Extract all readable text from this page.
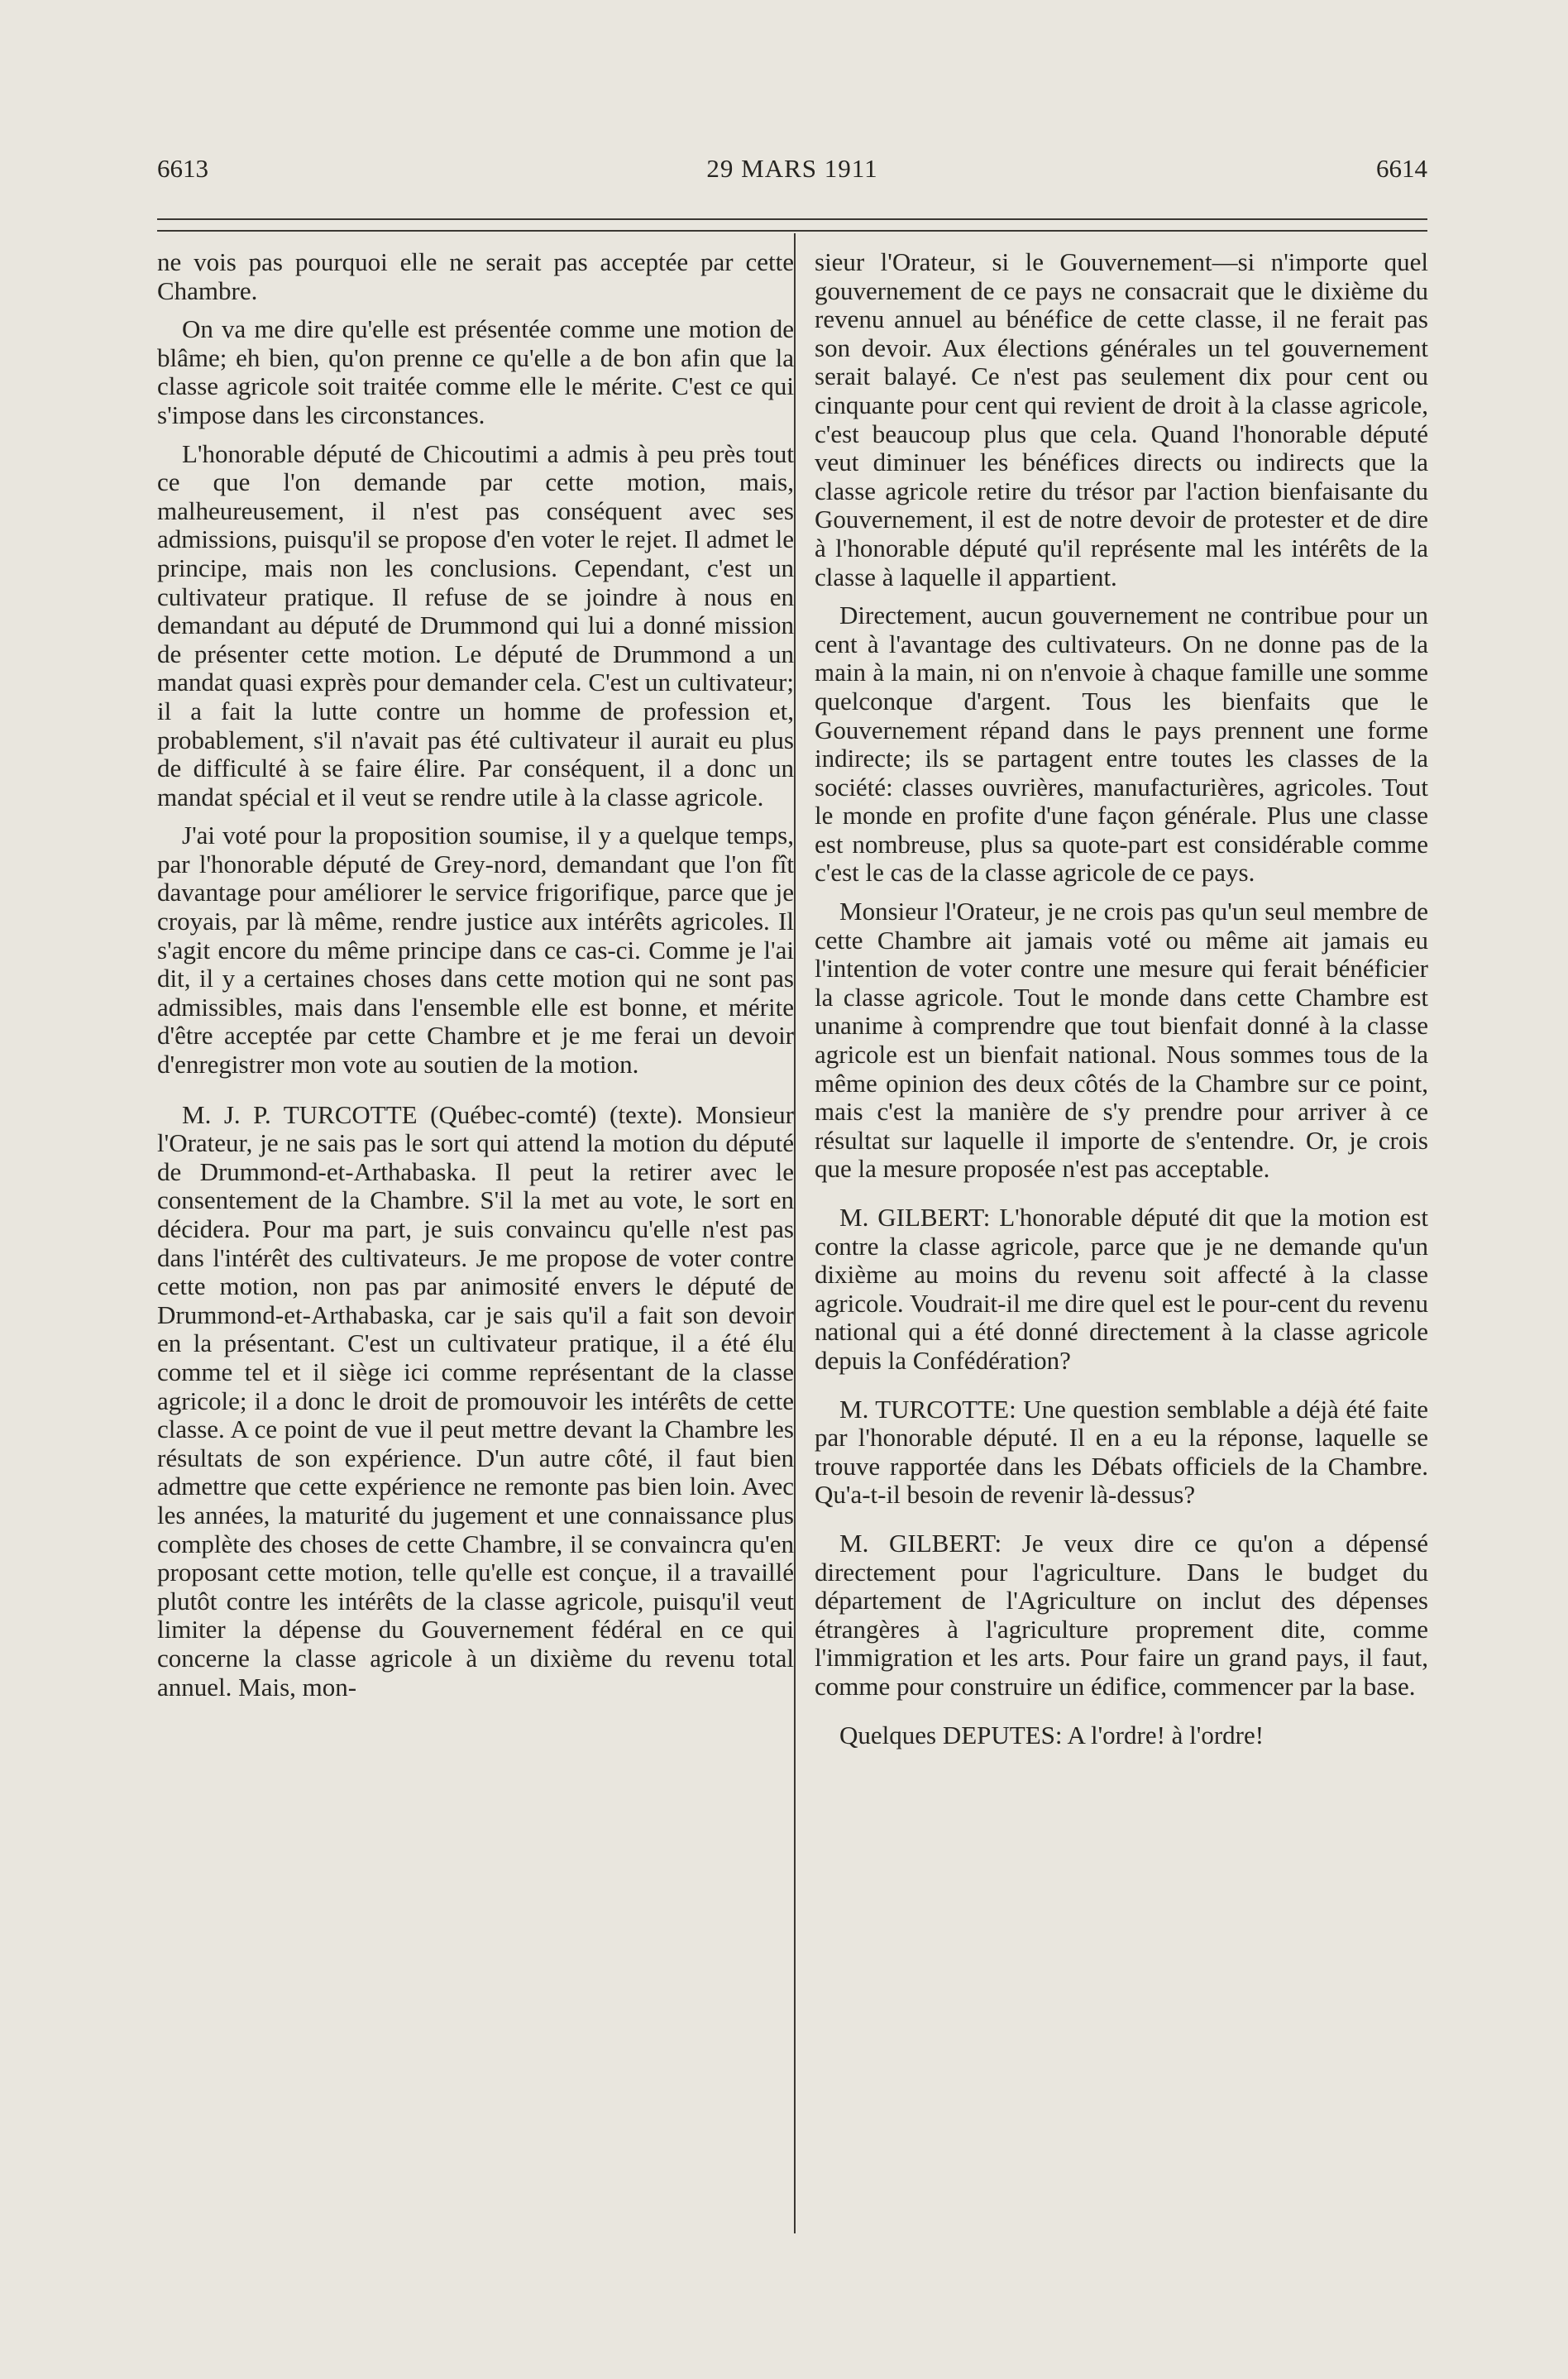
6613	29 MARS 1911	6614

ne vois pas pourquoi elle ne serait pas acceptée par cette Chambre.

On va me dire qu'elle est présentée comme une motion de blâme; eh bien, qu'on prenne ce qu'elle a de bon afin que la classe agricole soit traitée comme elle le mérite. C'est ce qui s'impose dans les circonstances.

L'honorable député de Chicoutimi a admis à peu près tout ce que l'on demande par cette motion, mais, malheureusement, il n'est pas conséquent avec ses admissions, puisqu'il se propose d'en voter le rejet. Il admet le principe, mais non les conclusions. Cependant, c'est un cultivateur pratique. Il refuse de se joindre à nous en demandant au député de Drummond qui lui a donné mission de présenter cette motion. Le député de Drummond a un mandat quasi exprès pour demander cela. C'est un cultivateur; il a fait la lutte contre un homme de profession et, probablement, s'il n'avait pas été cultivateur il aurait eu plus de difficulté à se faire élire. Par conséquent, il a donc un mandat spécial et il veut se rendre utile à la classe agricole.

J'ai voté pour la proposition soumise, il y a quelque temps, par l'honorable député de Grey-nord, demandant que l'on fît davantage pour améliorer le service frigorifique, parce que je croyais, par là même, rendre justice aux intérêts agricoles. Il s'agit encore du même principe dans ce cas-ci. Comme je l'ai dit, il y a certaines choses dans cette motion qui ne sont pas admissibles, mais dans l'ensemble elle est bonne, et mérite d'être acceptée par cette Chambre et je me ferai un devoir d'enregistrer mon vote au soutien de la motion.

M. J. P. TURCOTTE (Québec-comté) (texte). Monsieur l'Orateur, je ne sais pas le sort qui attend la motion du député de Drummond-et-Arthabaska. Il peut la retirer avec le consentement de la Chambre. S'il la met au vote, le sort en décidera. Pour ma part, je suis convaincu qu'elle n'est pas dans l'intérêt des cultivateurs. Je me propose de voter contre cette motion, non pas par animosité envers le député de Drummond-et-Arthabaska, car je sais qu'il a fait son devoir en la présentant. C'est un cultivateur pratique, il a été élu comme tel et il siège ici comme représentant de la classe agricole; il a donc le droit de promouvoir les intérêts de cette classe. A ce point de vue il peut mettre devant la Chambre les résultats de son expérience. D'un autre côté, il faut bien admettre que cette expérience ne remonte pas bien loin. Avec les années, la maturité du jugement et une connaissance plus complète des choses de cette Chambre, il se convaincra qu'en proposant cette motion, telle qu'elle est conçue, il a travaillé plutôt contre les intérêts de la classe agricole, puisqu'il veut limiter la dépense du Gouvernement fédéral en ce qui concerne la classe agricole à un dixième du revenu total annuel. Mais, mon-

sieur l'Orateur, si le Gouvernement—si n'importe quel gouvernement de ce pays ne consacrait que le dixième du revenu annuel au bénéfice de cette classe, il ne ferait pas son devoir. Aux élections générales un tel gouvernement serait balayé. Ce n'est pas seulement dix pour cent ou cinquante pour cent qui revient de droit à la classe agricole, c'est beaucoup plus que cela. Quand l'honorable député veut diminuer les bénéfices directs ou indirects que la classe agricole retire du trésor par l'action bienfaisante du Gouvernement, il est de notre devoir de protester et de dire à l'honorable député qu'il représente mal les intérêts de la classe à laquelle il appartient.

Directement, aucun gouvernement ne contribue pour un cent à l'avantage des cultivateurs. On ne donne pas de la main à la main, ni on n'envoie à chaque famille une somme quelconque d'argent. Tous les bienfaits que le Gouvernement répand dans le pays prennent une forme indirecte; ils se partagent entre toutes les classes de la société: classes ouvrières, manufacturières, agricoles. Tout le monde en profite d'une façon générale. Plus une classe est nombreuse, plus sa quote-part est considérable comme c'est le cas de la classe agricole de ce pays.

Monsieur l'Orateur, je ne crois pas qu'un seul membre de cette Chambre ait jamais voté ou même ait jamais eu l'intention de voter contre une mesure qui ferait bénéficier la classe agricole. Tout le monde dans cette Chambre est unanime à comprendre que tout bienfait donné à la classe agricole est un bienfait national. Nous sommes tous de la même opinion des deux côtés de la Chambre sur ce point, mais c'est la manière de s'y prendre pour arriver à ce résultat sur laquelle il importe de s'entendre. Or, je crois que la mesure proposée n'est pas acceptable.

M. GILBERT: L'honorable député dit que la motion est contre la classe agricole, parce que je ne demande qu'un dixième au moins du revenu soit affecté à la classe agricole. Voudrait-il me dire quel est le pour-cent du revenu national qui a été donné directement à la classe agricole depuis la Confédération?

M. TURCOTTE: Une question semblable a déjà été faite par l'honorable député. Il en a eu la réponse, laquelle se trouve rapportée dans les Débats officiels de la Chambre. Qu'a-t-il besoin de revenir là-dessus?

M. GILBERT: Je veux dire ce qu'on a dépensé directement pour l'agriculture. Dans le budget du département de l'Agriculture on inclut des dépenses étrangères à l'agriculture proprement dite, comme l'immigration et les arts. Pour faire un grand pays, il faut, comme pour construire un édifice, commencer par la base.

Quelques DEPUTES: A l'ordre! à l'ordre!
